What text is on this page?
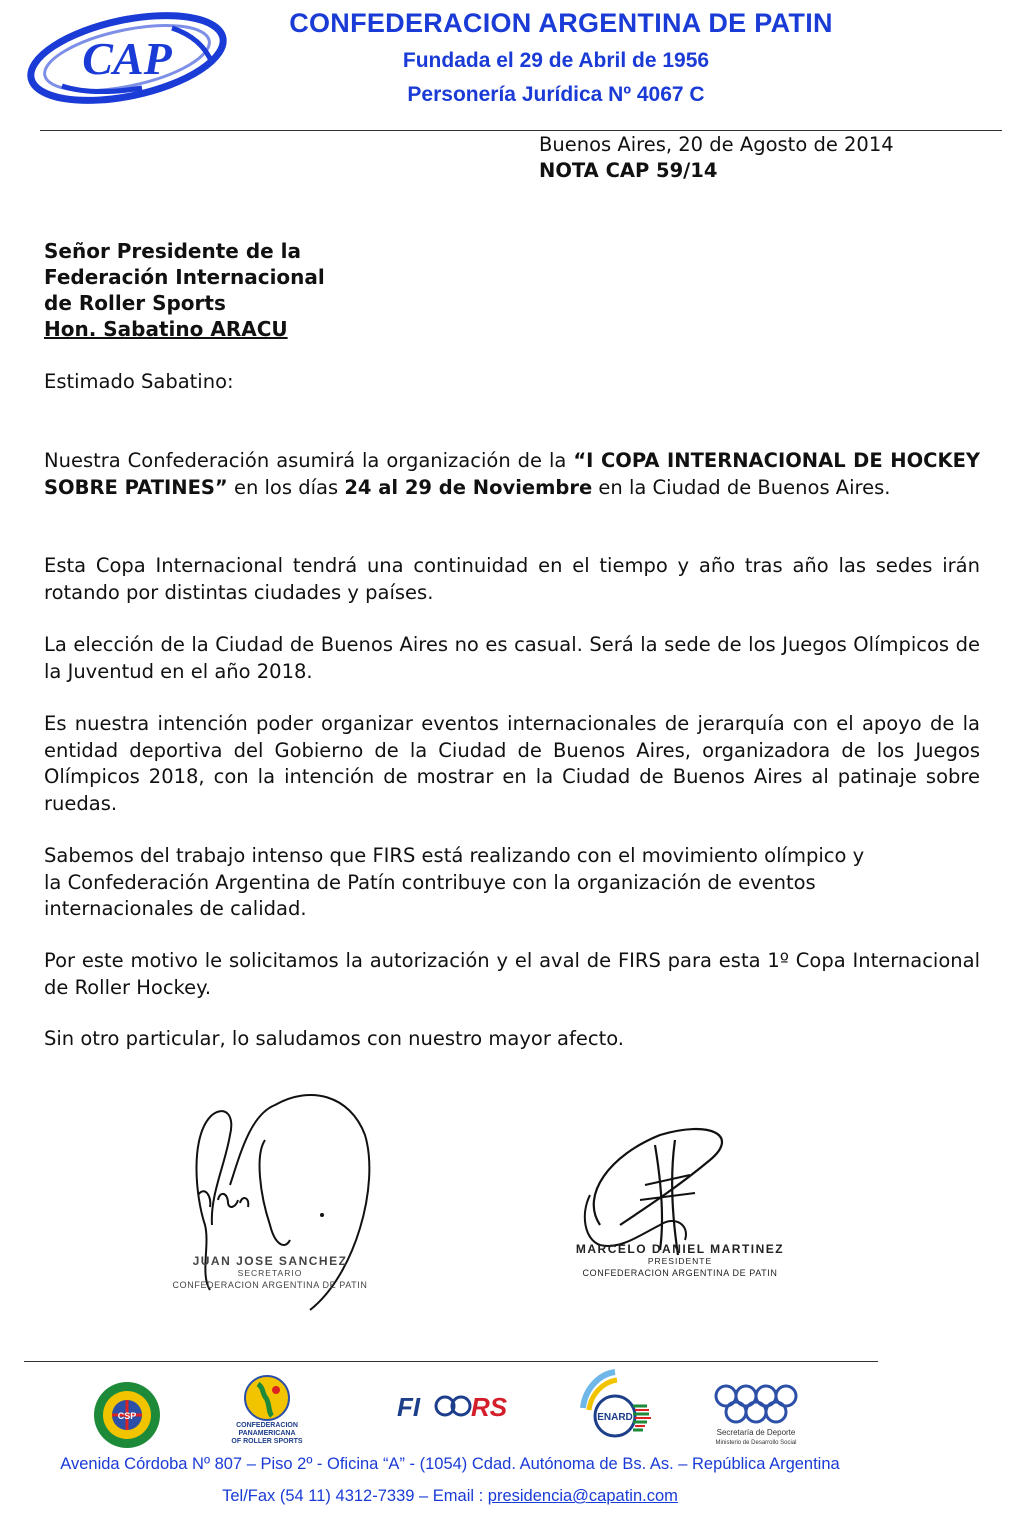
CAP
CONFEDERACION ARGENTINA DE PATIN
Fundada el 29 de Abril de 1956
Personería Jurídica Nº 4067 C
Buenos Aires, 20 de Agosto de 2014
NOTA CAP 59/14
Señor Presidente de la
Federación Internacional
de Roller Sports
Hon. Sabatino ARACU
Estimado Sabatino:
Nuestra Confederación asumirá la organización de la “I COPA INTERNACIONAL DE HOCKEY SOBRE PATINES” en los días 24 al 29 de Noviembre en la Ciudad de Buenos Aires.
Esta Copa Internacional tendrá una continuidad en el tiempo y año tras año las sedes irán rotando por distintas ciudades y países.
La elección de la Ciudad de Buenos Aires no es casual. Será la sede de los Juegos Olímpicos de la Juventud en el año 2018.
Es nuestra intención poder organizar eventos internacionales de jerarquía con el apoyo de la entidad deportiva del Gobierno de la Ciudad de Buenos Aires, organizadora de los Juegos Olímpicos 2018, con la intención de mostrar en la Ciudad de Buenos Aires al patinaje sobre ruedas.
Sabemos del trabajo intenso que FIRS está realizando con el movimiento olímpico y
la Confederación Argentina de Patín contribuye con la organización de eventos
internacionales de calidad.
Por este motivo le solicitamos la autorización y el aval de FIRS para esta 1º Copa Internacional de Roller Hockey.
Sin otro particular, lo saludamos con nuestro mayor afecto.
JUAN JOSE SANCHEZ
SECRETARIO
CONFEDERACION ARGENTINA DE PATIN
MARCELO DANIEL MARTINEZ
PRESIDENTE
CONFEDERACION ARGENTINA DE PATIN
CSP
CONFEDERACION
PANAMERICANA
OF ROLLER SPORTS
FI RS	ENARD
Secretaría de Deporte
Ministerio de Desarrollo Social
Avenida Córdoba Nº 807 – Piso 2º - Oficina “A” - (1054) Cdad. Autónoma de Bs. As. – República Argentina
Tel/Fax (54 11) 4312-7339 – Email : presidencia@capatin.com
